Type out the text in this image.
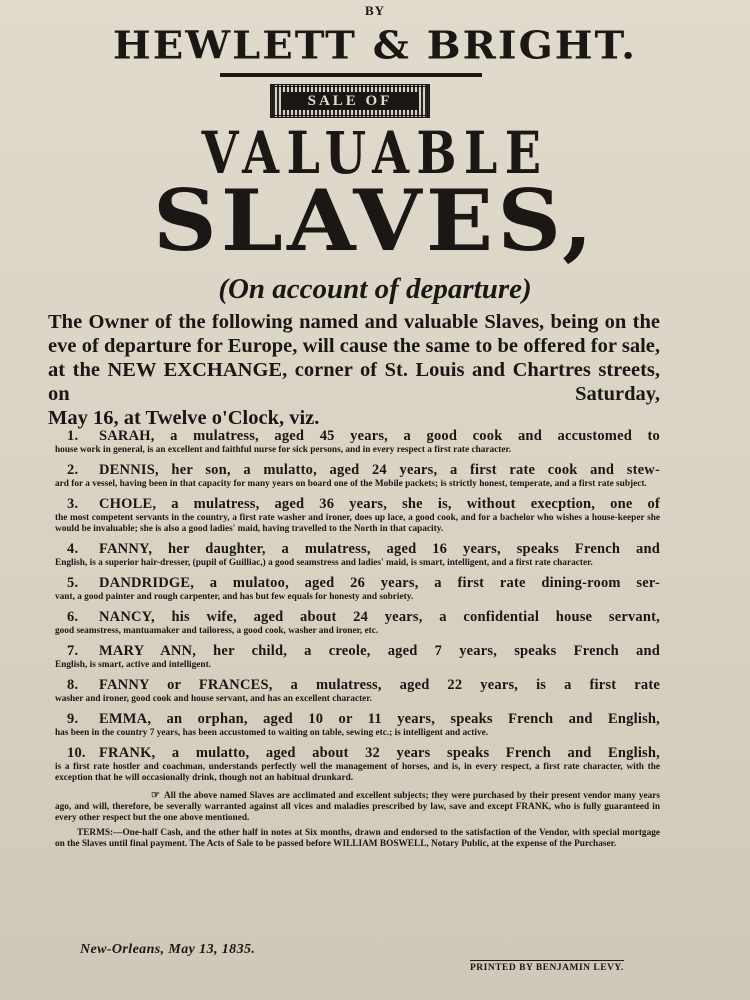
BY
HEWLETT & BRIGHT.
SALE OF
VALUABLE
SLAVES,
(On account of departure)
The Owner of the following named and valuable Slaves, being on the eve of departure for Europe, will cause the same to be offered for sale, at the NEW EXCHANGE, corner of St. Louis and Chartres streets, on Saturday,
May 16, at Twelve o'Clock, viz.
1. SARAH, a mulatress, aged 45 years, a good cook and accustomed to
house work in general, is an excellent and faithful nurse for sick persons, and in every respect a first rate character.
2. DENNIS, her son, a mulatto, aged 24 years, a first rate cook and stew-
ard for a vessel, having been in that capacity for many years on board one of the Mobile packets; is strictly honest, temperate, and a first rate subject.
3. CHOLE, a mulatress, aged 36 years, she is, without execption, one of
the most competent servants in the country, a first rate washer and ironer, does up lace, a good cook, and for a bachelor who wishes a house-keeper she would be invaluable; she is also a good ladies' maid, having travelled to the North in that capacity.
4. FANNY, her daughter, a mulatress, aged 16 years, speaks French and
English, is a superior hair-dresser, (pupil of Guilliac,) a good seamstress and ladies' maid, is smart, intelligent, and a first rate character.
5. DANDRIDGE, a mulatoo, aged 26 years, a first rate dining-room ser-
vant, a good painter and rough carpenter, and has but few equals for honesty and sobriety.
6. NANCY, his wife, aged about 24 years, a confidential house servant,
good seamstress, mantuamaker and tailoress, a good cook, washer and ironer, etc.
7. MARY ANN, her child, a creole, aged 7 years, speaks French and
English, is smart, active and intelligent.
8. FANNY or FRANCES, a mulatress, aged 22 years, is a first rate
washer and ironer, good cook and house servant, and has an excellent character.
9. EMMA, an orphan, aged 10 or 11 years, speaks French and English,
has been in the country 7 years, has been accustomed to waiting on table, sewing etc.; is intelligent and active.
10. FRANK, a mulatto, aged about 32 years speaks French and English,
is a first rate hostler and coachman, understands perfectly well the management of horses, and is, in every respect, a first rate character, with the exception that he will occasionally drink, though not an habitual drunkard.
☞ All the above named Slaves are acclimated and excellent subjects; they were purchased by their present vendor many years ago, and will, therefore, be severally warranted against all vices and maladies prescribed by law, save and except FRANK, who is fully guaranteed in every other respect but the one above mentioned.
TERMS:—One-half Cash, and the other half in notes at Six months, drawn and endorsed to the satisfaction of the Vendor, with special mortgage on the Slaves until final payment. The Acts of Sale to be passed before WILLIAM BOSWELL, Notary Public, at the expense of the Purchaser.
New-Orleans, May 13, 1835.
PRINTED BY BENJAMIN LEVY.
